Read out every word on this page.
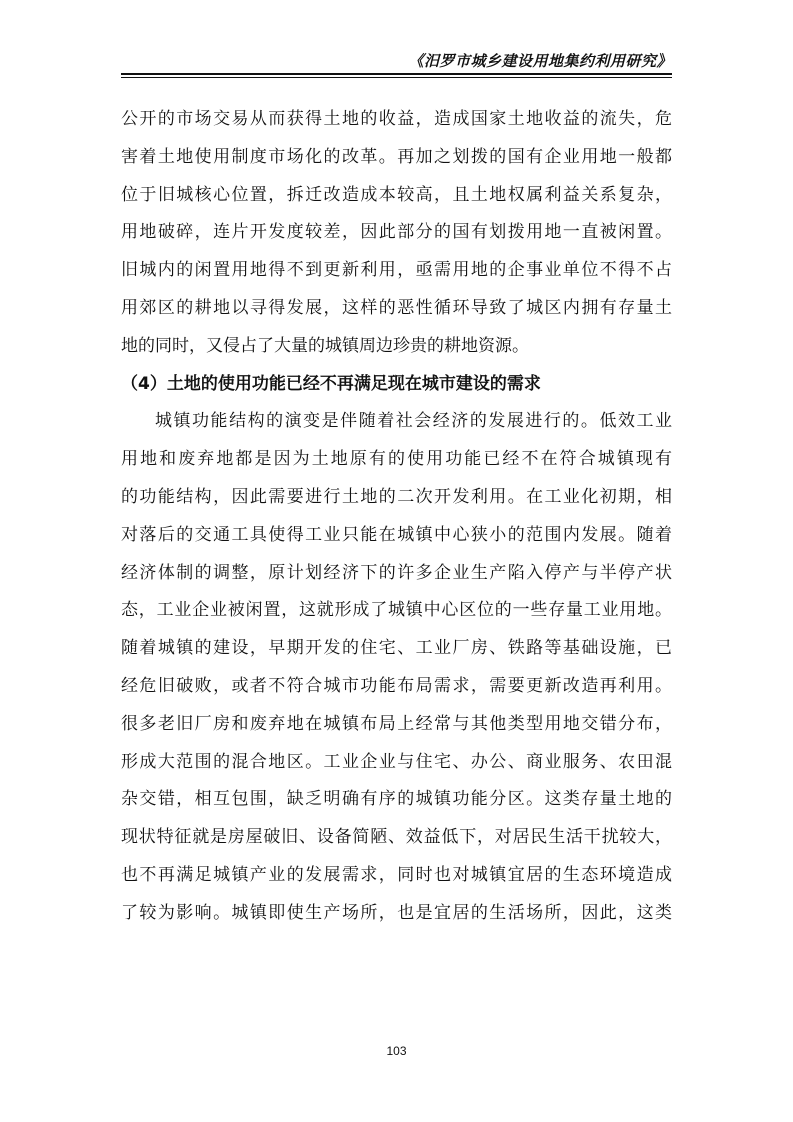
《汨罗市城乡建设用地集约利用研究》
公开的市场交易从而获得土地的收益，造成国家土地收益的流失，危
害着土地使用制度市场化的改革。再加之划拨的国有企业用地一般都
位于旧城核心位置，拆迁改造成本较高，且土地权属利益关系复杂，
用地破碎，连片开发度较差，因此部分的国有划拨用地一直被闲置。
旧城内的闲置用地得不到更新利用，亟需用地的企事业单位不得不占
用郊区的耕地以寻得发展，这样的恶性循环导致了城区内拥有存量土
地的同时，又侵占了大量的城镇周边珍贵的耕地资源。
（4）土地的使用功能已经不再满足现在城市建设的需求
城镇功能结构的演变是伴随着社会经济的发展进行的。低效工业
用地和废弃地都是因为土地原有的使用功能已经不在符合城镇现有
的功能结构，因此需要进行土地的二次开发利用。在工业化初期，相
对落后的交通工具使得工业只能在城镇中心狭小的范围内发展。随着
经济体制的调整，原计划经济下的许多企业生产陷入停产与半停产状
态，工业企业被闲置，这就形成了城镇中心区位的一些存量工业用地。
随着城镇的建设，早期开发的住宅、工业厂房、铁路等基础设施，已
经危旧破败，或者不符合城市功能布局需求，需要更新改造再利用。
很多老旧厂房和废弃地在城镇布局上经常与其他类型用地交错分布，
形成大范围的混合地区。工业企业与住宅、办公、商业服务、农田混
杂交错，相互包围，缺乏明确有序的城镇功能分区。这类存量土地的
现状特征就是房屋破旧、设备简陋、效益低下，对居民生活干扰较大，
也不再满足城镇产业的发展需求，同时也对城镇宜居的生态环境造成
了较为影响。城镇即使生产场所，也是宜居的生活场所，因此，这类
103
